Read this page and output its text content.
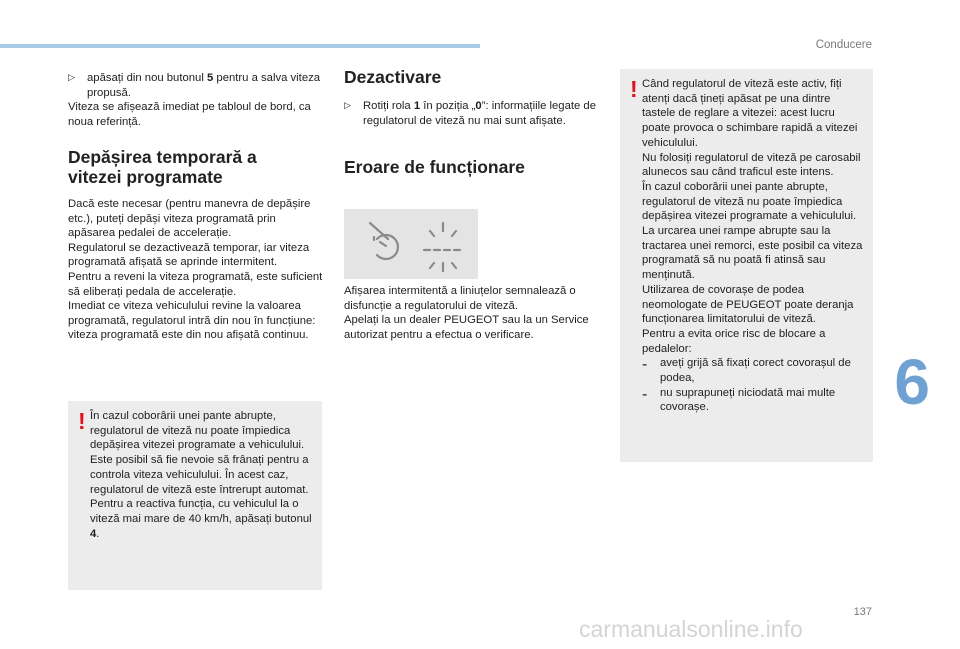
Conducere
6
137
carmanualsonline.info
▷	apăsați din nou butonul 5 pentru a salva viteza propusă.

Viteza se afișează imediat pe tabloul de bord, ca noua referință.

Depășirea temporară a vitezei programate

Dacă este necesar (pentru manevra de depășire etc.), puteți depăși viteza programată prin apăsarea pedalei de accelerație.

Regulatorul se dezactivează temporar, iar viteza programată afișată se aprinde intermitent.

Pentru a reveni la viteza programată, este suficient să eliberați pedala de accelerație.

Imediat ce viteza vehiculului revine la valoarea programată, regulatorul intră din nou în funcțiune: viteza programată este din nou afișată continuu.

! În cazul coborârii unei pante abrupte, regulatorul de viteză nu poate împiedica depășirea vitezei programate a vehiculului.

Este posibil să fie nevoie să frânați pentru a controla viteza vehiculului. În acest caz, regulatorul de viteză este întrerupt automat.

Pentru a reactiva funcția, cu vehiculul la o viteză mai mare de 40 km/h, apăsați butonul 4.

Dezactivare
▷	Rotiți rola 1 în poziția „0”: informațiile legate de regulatorul de viteză nu mai sunt afișate.

Eroare de funcționare

Afișarea intermitentă a liniuțelor semnalează o disfuncție a regulatorului de viteză.

Apelați la un dealer PEUGEOT sau la un Service autorizat pentru a efectua o verificare.

! Când regulatorul de viteză este activ, fiți atenți dacă țineți apăsat pe una dintre tastele de reglare a vitezei: acest lucru poate provoca o schimbare rapidă a vitezei vehiculului.

Nu folosiți regulatorul de viteză pe carosabil alunecos sau când traficul este intens.

În cazul coborârii unei pante abrupte, regulatorul de viteză nu poate împiedica depășirea vitezei programate a vehiculului.

La urcarea unei rampe abrupte sau la tractarea unei remorci, este posibil ca viteza programată să nu poată fi atinsă sau menținută.

Utilizarea de covorașe de podea neomologate de PEUGEOT poate deranja funcționarea limitatorului de viteză.

Pentru a evita orice risc de blocare a pedalelor:

-	aveți grijă să fixați corect covorașul de podea,

-	nu suprapuneți niciodată mai multe covorașe.
